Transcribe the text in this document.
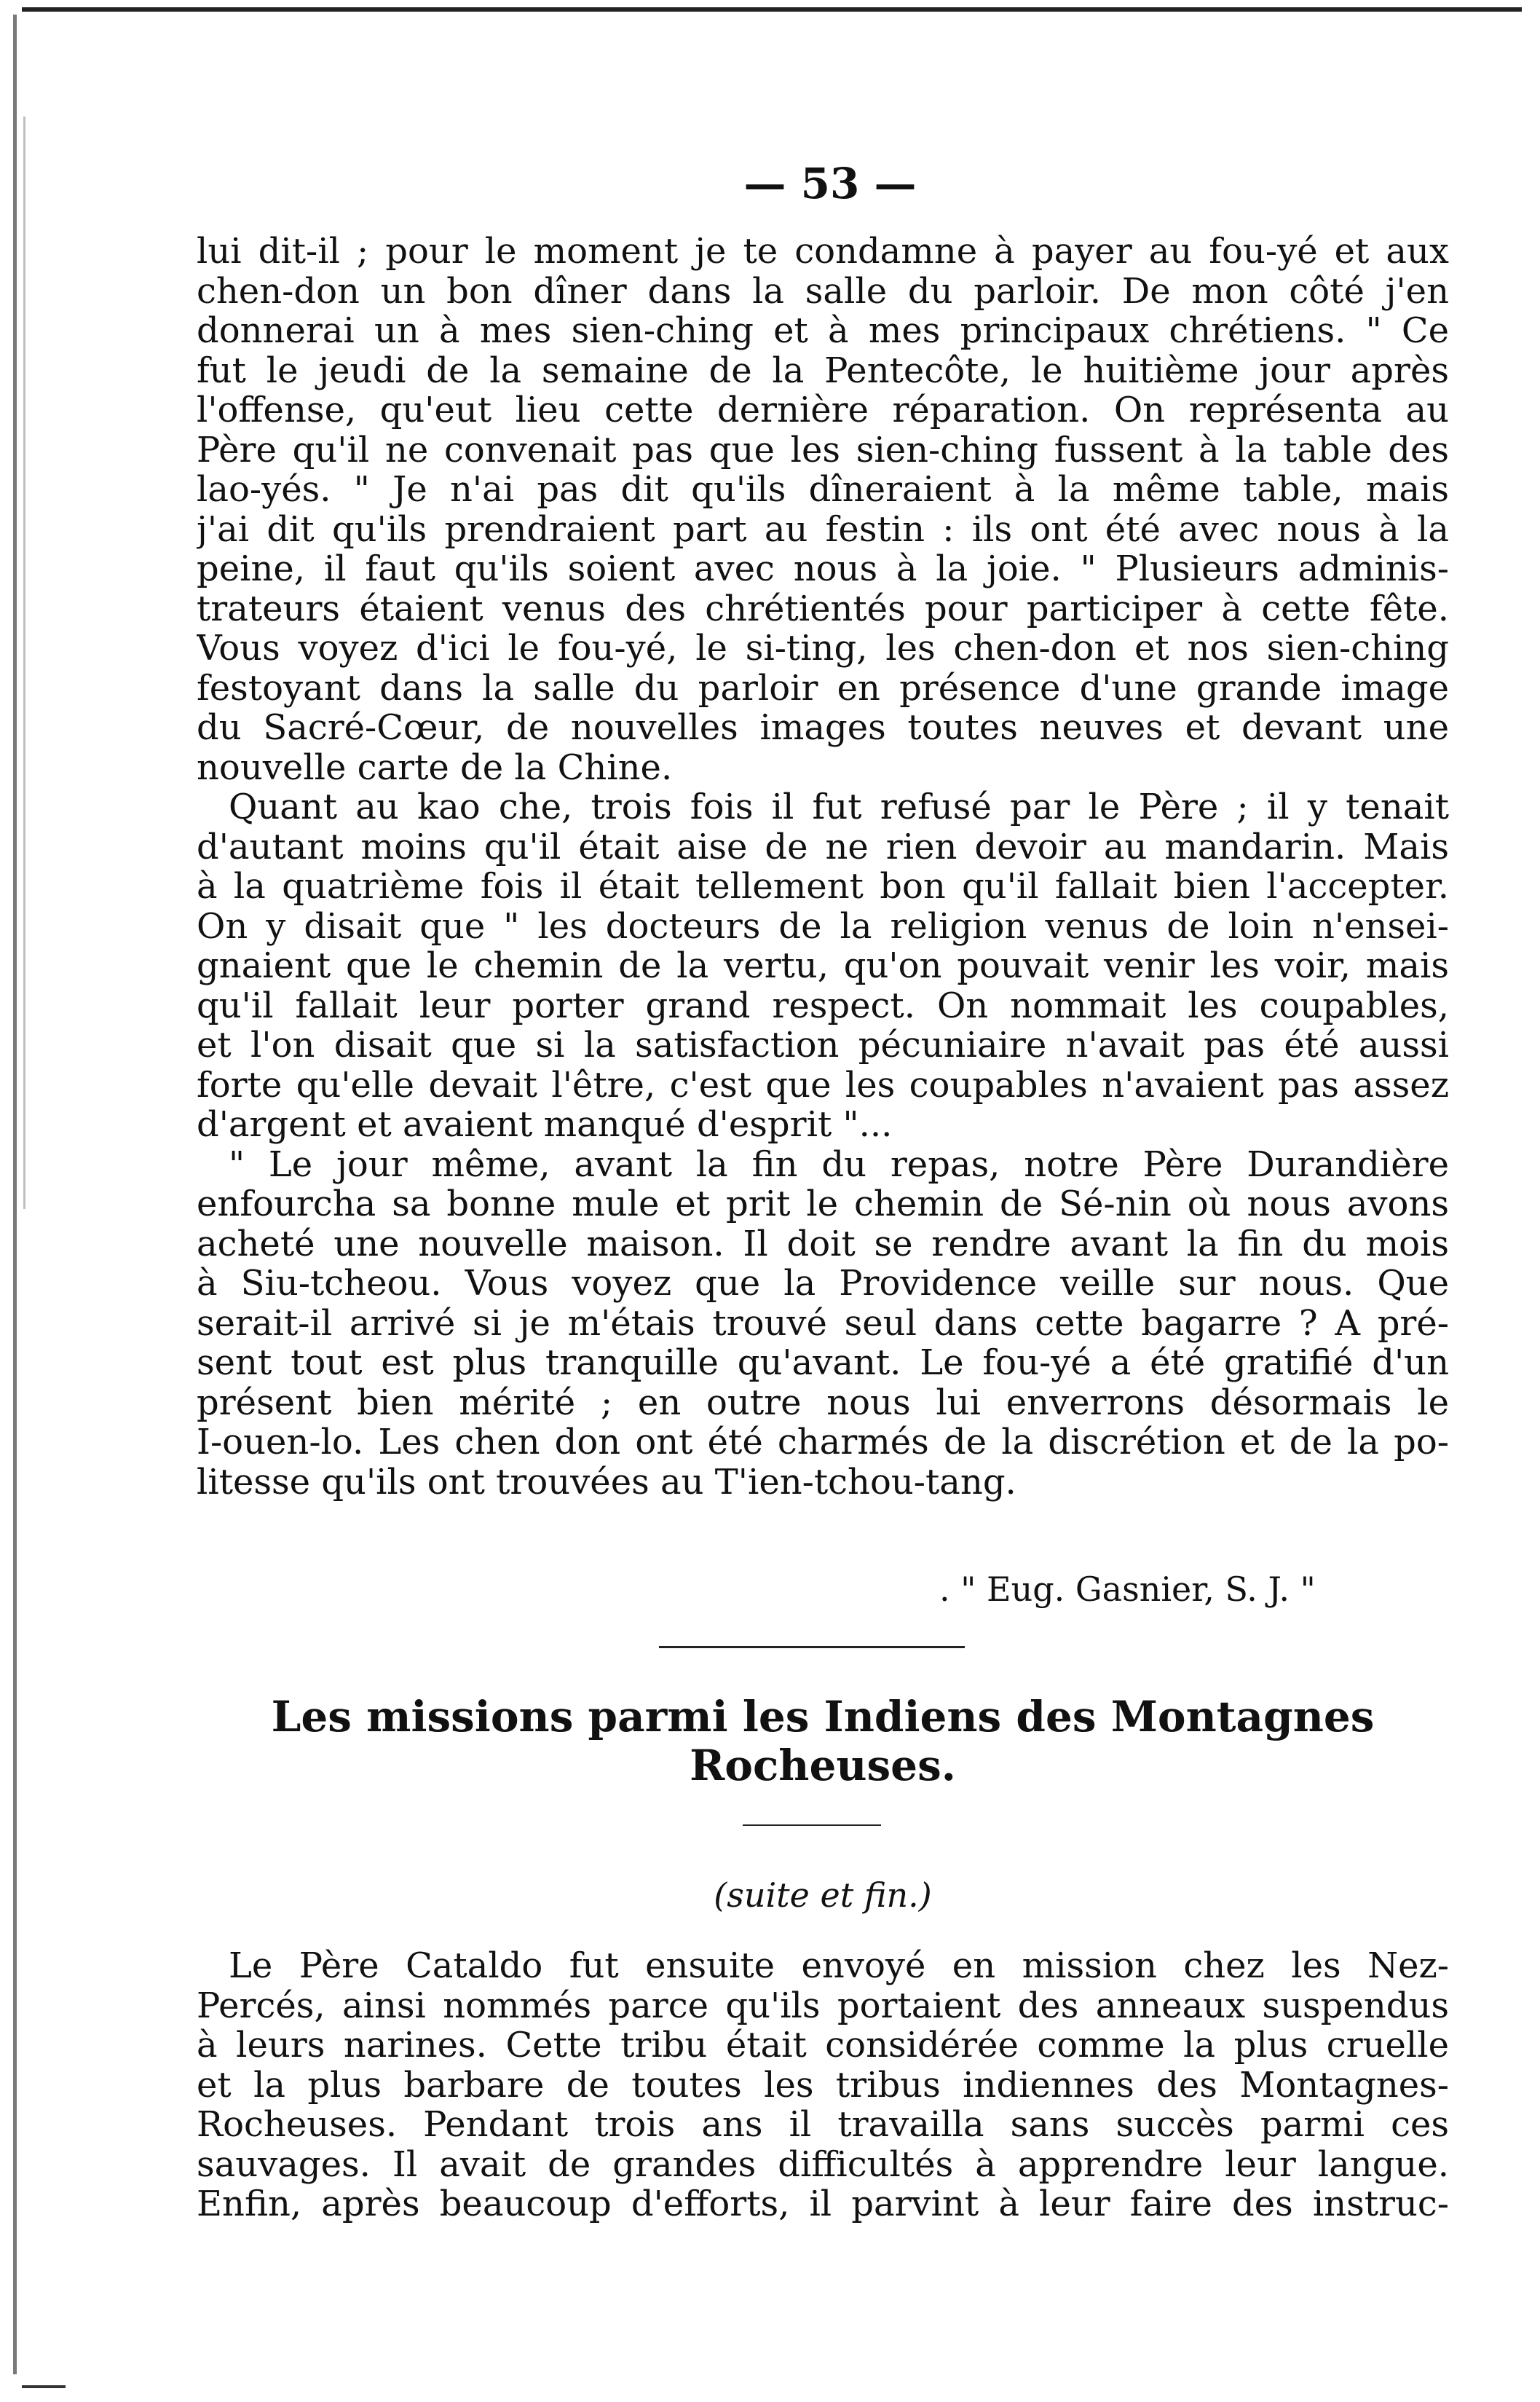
— 53 —
lui dit-il ; pour le moment je te condamne à payer au fou-yé et aux
chen-don un bon dîner dans la salle du parloir. De mon côté j'en
donnerai un à mes sien-ching et à mes principaux chrétiens. " Ce
fut le jeudi de la semaine de la Pentecôte, le huitième jour après
l'offense, qu'eut lieu cette dernière réparation. On représenta au
Père qu'il ne convenait pas que les sien-ching fussent à la table des
lao-yés. " Je n'ai pas dit qu'ils dîneraient à la même table, mais
j'ai dit qu'ils prendraient part au festin : ils ont été avec nous à la
peine, il faut qu'ils soient avec nous à la joie. " Plusieurs adminis-
trateurs étaient venus des chrétientés pour participer à cette fête.
Vous voyez d'ici le fou-yé, le si-ting, les chen-don et nos sien-ching
festoyant dans la salle du parloir en présence d'une grande image
du Sacré-Cœur, de nouvelles images toutes neuves et devant une
nouvelle carte de la Chine.
Quant au kao che, trois fois il fut refusé par le Père ; il y tenait
d'autant moins qu'il était aise de ne rien devoir au mandarin. Mais
à la quatrième fois il était tellement bon qu'il fallait bien l'accepter.
On y disait que " les docteurs de la religion venus de loin n'ensei-
gnaient que le chemin de la vertu, qu'on pouvait venir les voir, mais
qu'il fallait leur porter grand respect. On nommait les coupables,
et l'on disait que si la satisfaction pécuniaire n'avait pas été aussi
forte qu'elle devait l'être, c'est que les coupables n'avaient pas assez
d'argent et avaient manqué d'esprit "...
" Le jour même, avant la fin du repas, notre Père Durandière
enfourcha sa bonne mule et prit le chemin de Sé-nin où nous avons
acheté une nouvelle maison. Il doit se rendre avant la fin du mois
à Siu-tcheou. Vous voyez que la Providence veille sur nous. Que
serait-il arrivé si je m'étais trouvé seul dans cette bagarre ? A pré-
sent tout est plus tranquille qu'avant. Le fou-yé a été gratifié d'un
présent bien mérité ; en outre nous lui enverrons désormais le
I-ouen-lo. Les chen don ont été charmés de la discrétion et de la po-
litesse qu'ils ont trouvées au T'ien-tchou-tang.
. " Eug. Gasnier, S. J. "
Les missions parmi les Indiens des Montagnes
Rocheuses.
(suite et fin.)
Le Père Cataldo fut ensuite envoyé en mission chez les Nez-
Percés, ainsi nommés parce qu'ils portaient des anneaux suspendus
à leurs narines. Cette tribu était considérée comme la plus cruelle
et la plus barbare de toutes les tribus indiennes des Montagnes-
Rocheuses. Pendant trois ans il travailla sans succès parmi ces
sauvages. Il avait de grandes difficultés à apprendre leur langue.
Enfin, après beaucoup d'efforts, il parvint à leur faire des instruc-
